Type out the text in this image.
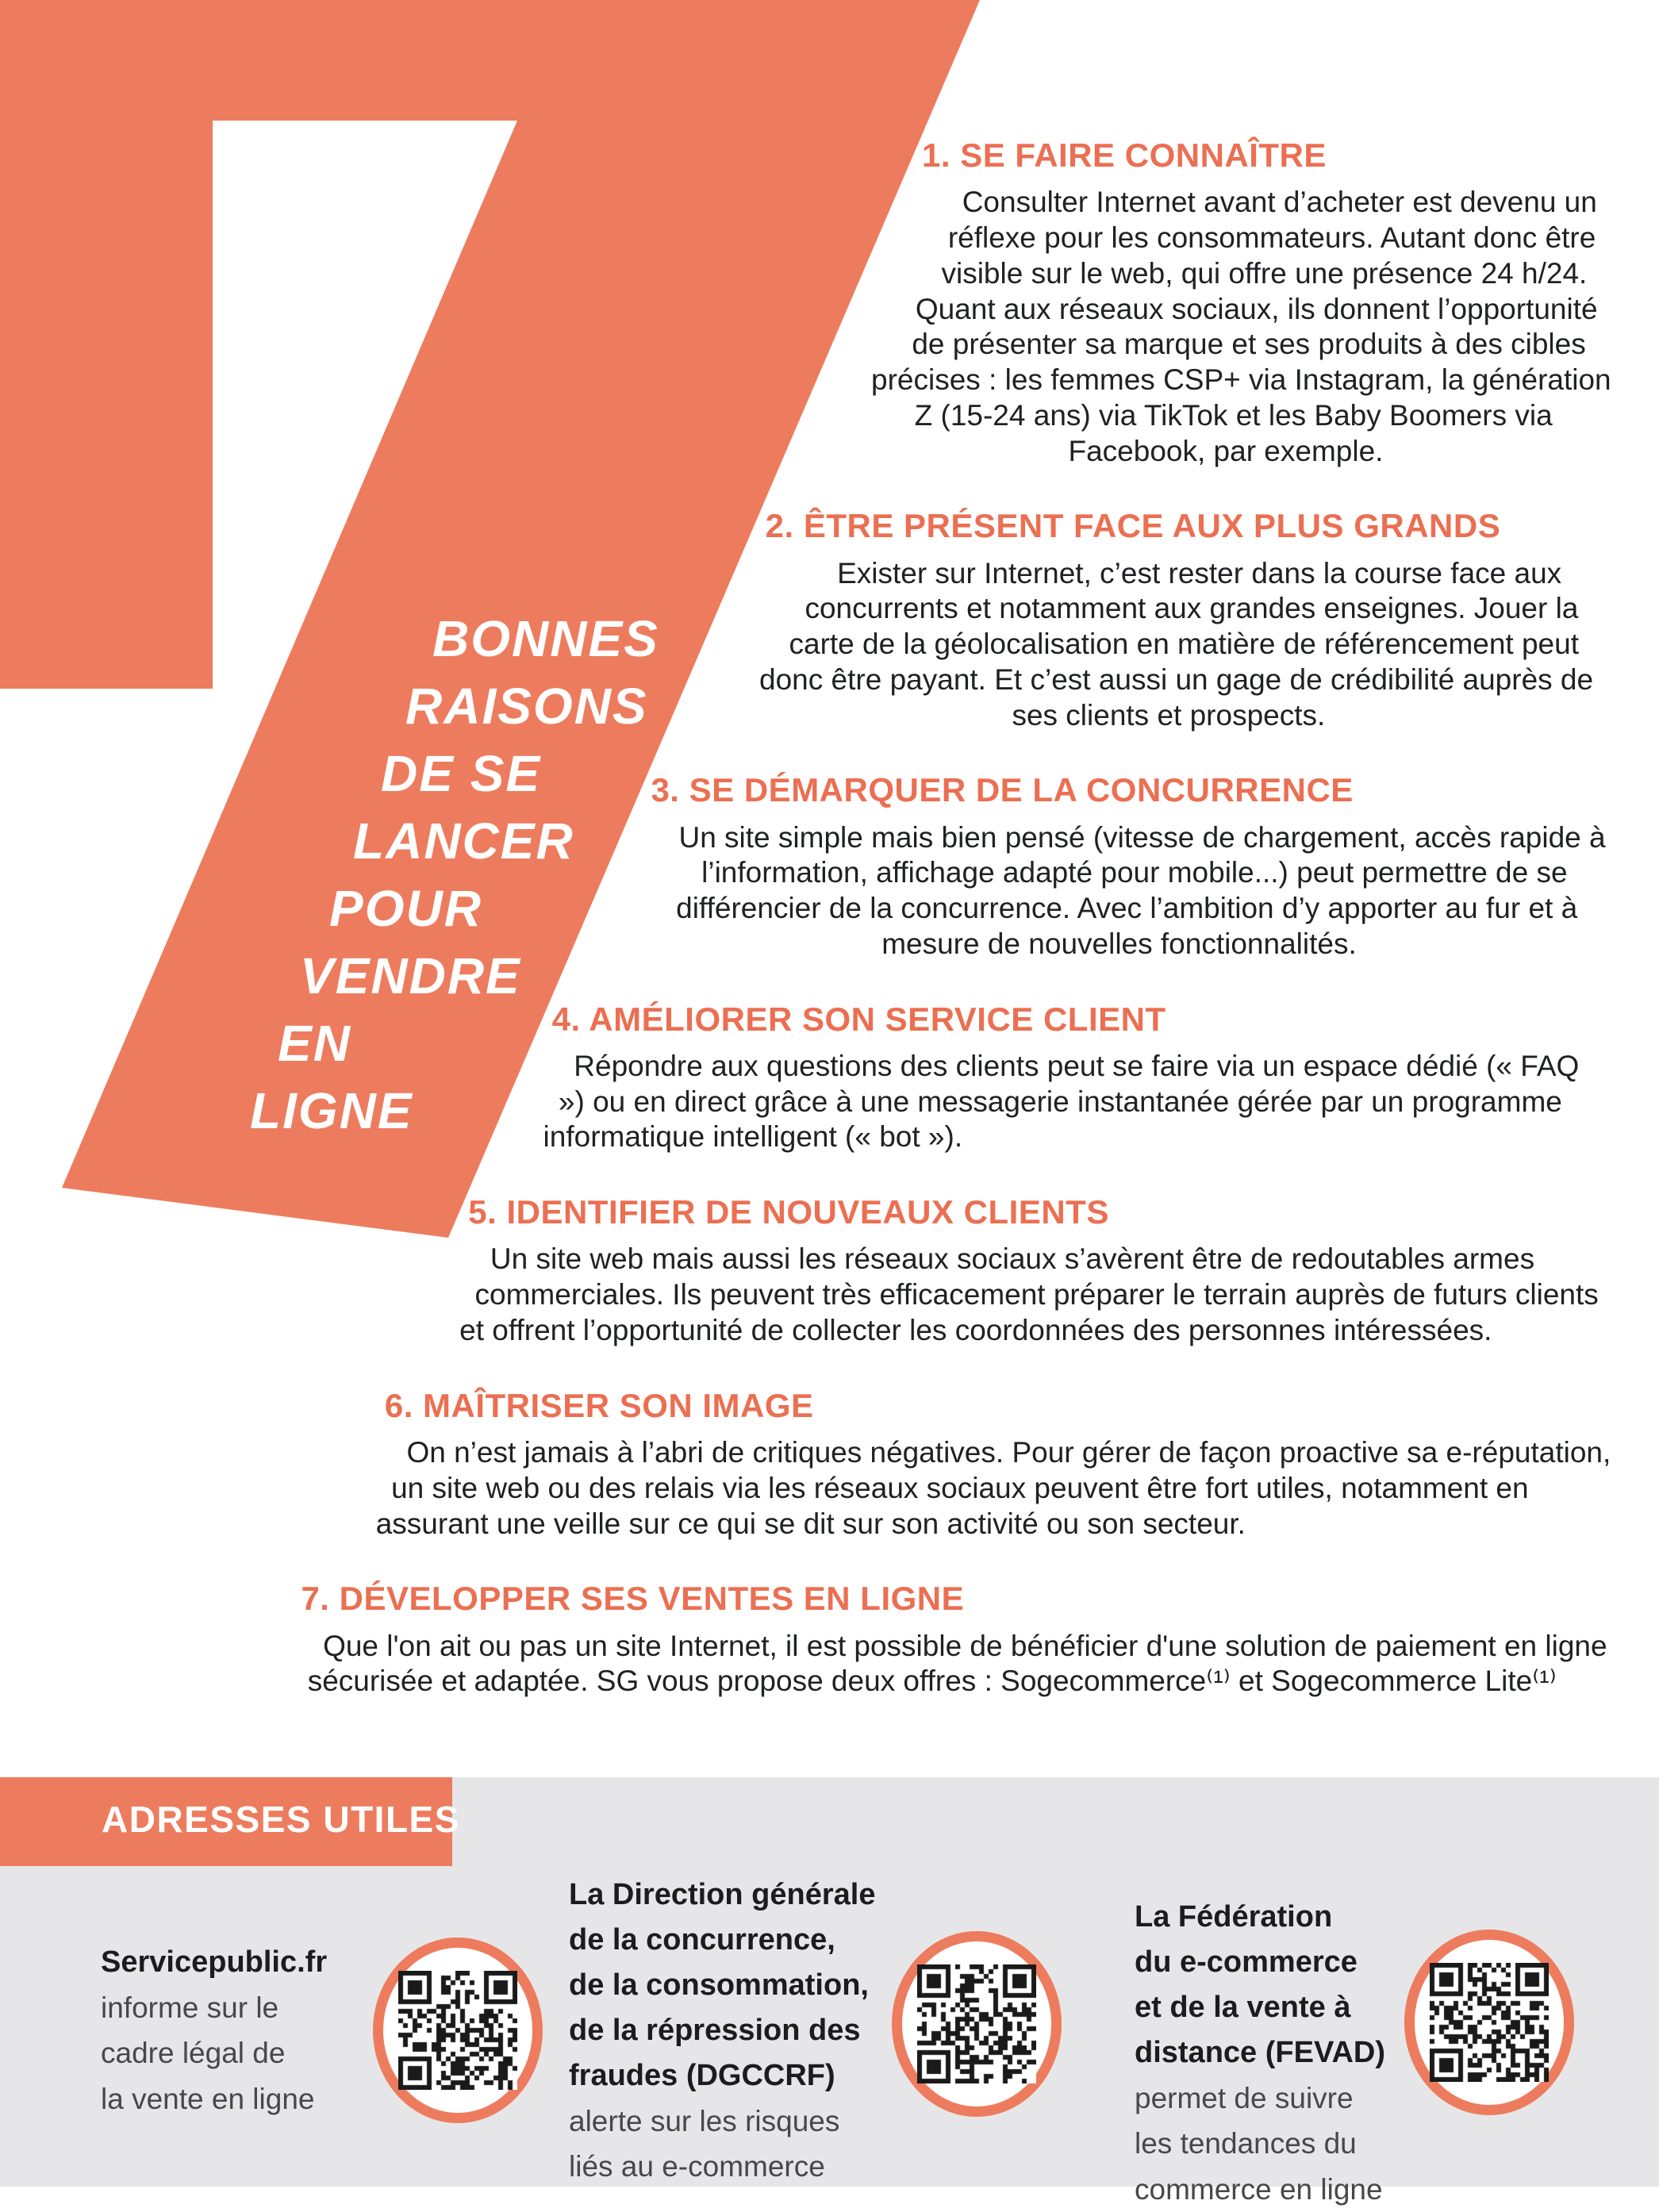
BONNES
RAISONS
DE SE
LANCER
POUR
VENDRE
EN
LIGNE
1. SE FAIRE CONNAÎTRE

Consulter Internet avant d’acheter est devenu un réflexe pour les consommateurs. Autant donc être visible sur le web, qui offre une présence 24 h/24. Quant aux réseaux sociaux, ils donnent l’opportunité de présenter sa marque et ses produits à des cibles précises : les femmes CSP+ via Instagram, la génération Z (15-24 ans) via TikTok et les Baby Boomers via Facebook, par exemple.

2. ÊTRE PRÉSENT FACE AUX PLUS GRANDS

Exister sur Internet, c’est rester dans la course face aux concurrents et notamment aux grandes enseignes. Jouer la carte de la géolocalisation en matière de référencement peut donc être payant. Et c’est aussi un gage de crédibilité auprès de ses clients et prospects.

3. SE DÉMARQUER DE LA CONCURRENCE

Un site simple mais bien pensé (vitesse de chargement, accès rapide à l’information, affichage adapté pour mobile...) peut permettre de se différencier de la concurrence. Avec l’ambition d’y apporter au fur et à mesure de nouvelles fonctionnalités.

4. AMÉLIORER SON SERVICE CLIENT

Répondre aux questions des clients peut se faire via un espace dédié (« FAQ ») ou en direct grâce à une messagerie instantanée gérée par un programme informatique intelligent (« bot »).

5. IDENTIFIER DE NOUVEAUX CLIENTS

Un site web mais aussi les réseaux sociaux s’avèrent être de redoutables armes commerciales. Ils peuvent très efficacement préparer le terrain auprès de futurs clients et offrent l’opportunité de collecter les coordonnées des personnes intéressées.

6. MAÎTRISER SON IMAGE

On n’est jamais à l’abri de critiques négatives. Pour gérer de façon proactive sa e-réputation, un site web ou des relais via les réseaux sociaux peuvent être fort utiles, notamment en assurant une veille sur ce qui se dit sur son activité ou son secteur.

7. DÉVELOPPER SES VENTES EN LIGNE

Que l'on ait ou pas un site Internet, il est possible de bénéficier d'une solution de paiement en ligne sécurisée et adaptée. SG vous propose deux offres : Sogecommerce⁽¹⁾ et Sogecommerce Lite⁽¹⁾

ADRESSES UTILES

Servicepublic.fr

informe sur le

cadre légal de

la vente en ligne

La Direction générale

de la concurrence,

de la consommation,

de la répression des

fraudes (DGCCRF)

alerte sur les risques

liés au e-commerce

La Fédération

du e-commerce

et de la vente à

distance (FEVAD)

permet de suivre

les tendances du

commerce en ligne
